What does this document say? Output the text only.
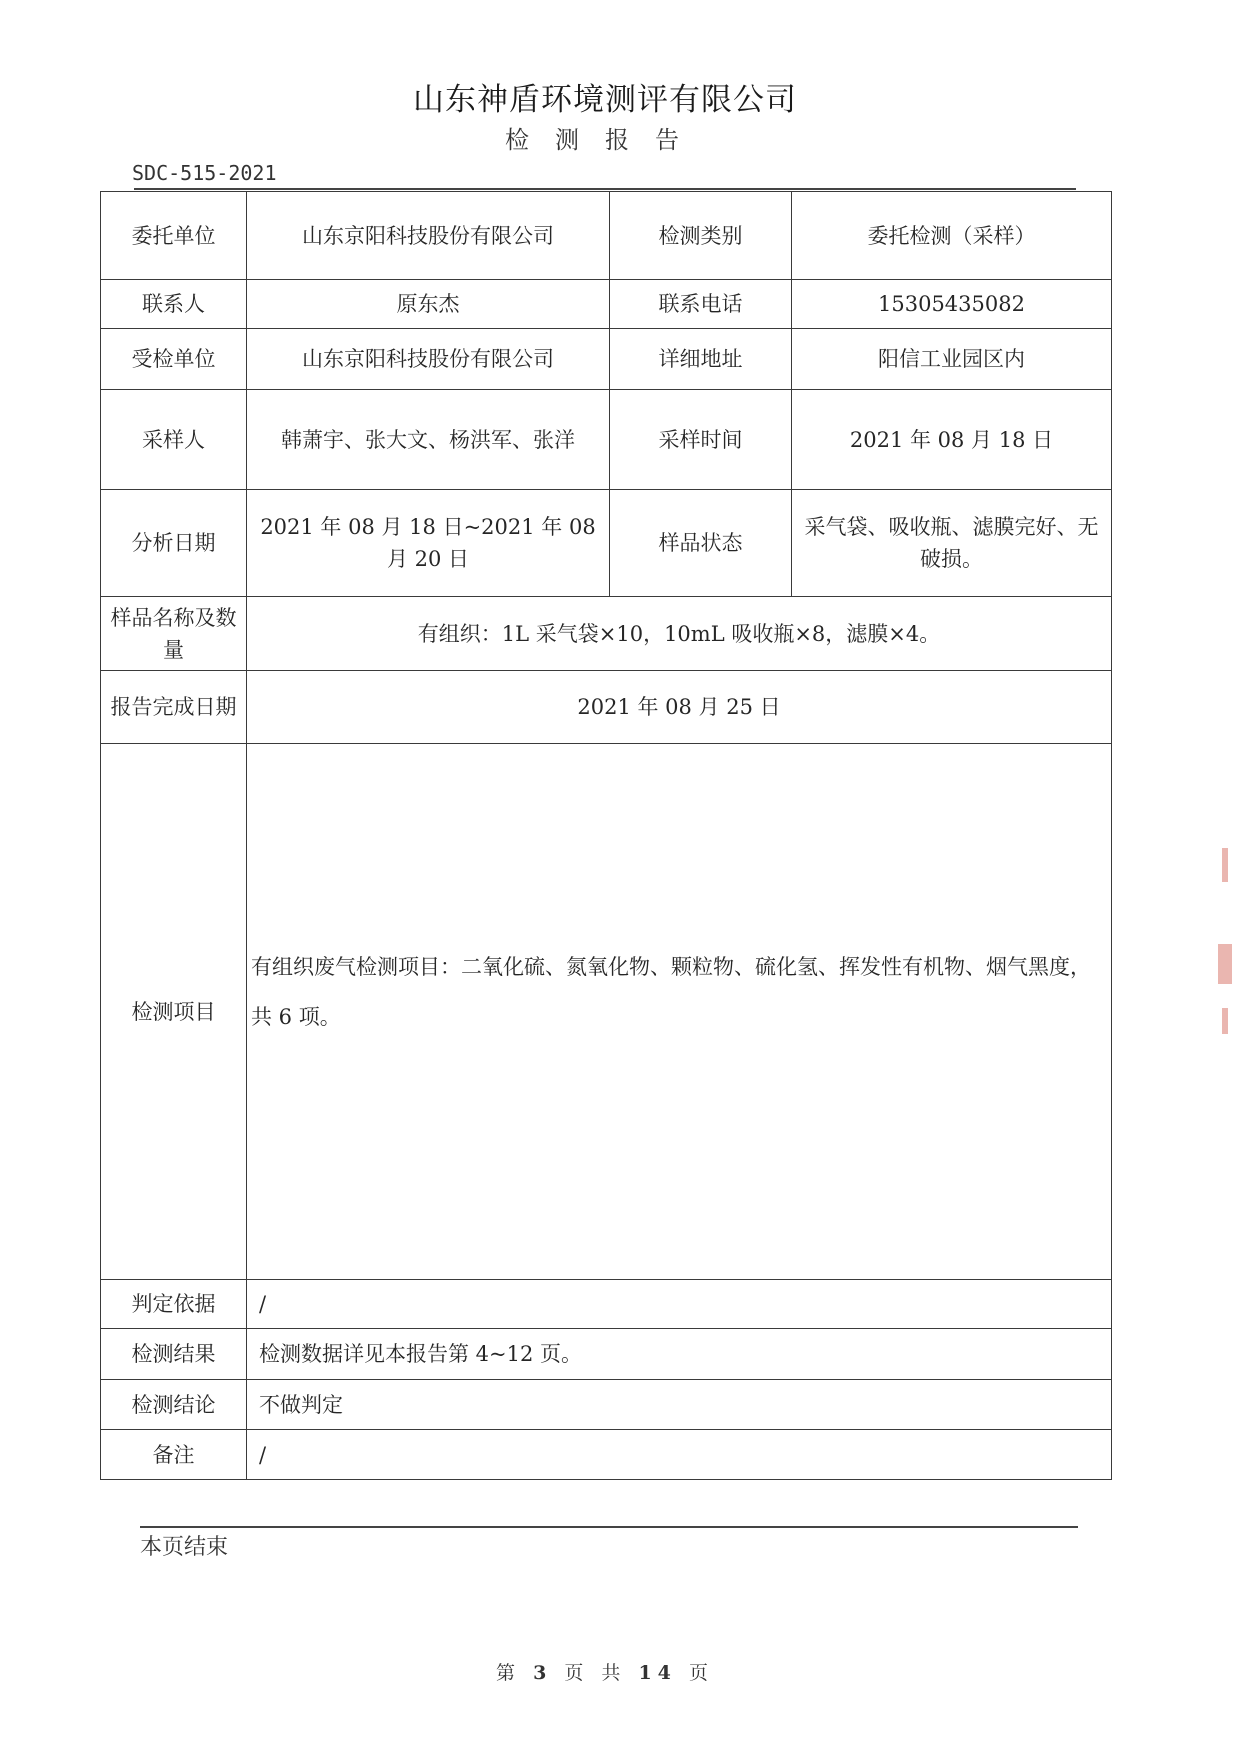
山东神盾环境测评有限公司
检测报告
SDC-515-2021
委托单位	山东京阳科技股份有限公司	检测类别	委托检测（采样）
联系人	原东杰	联系电话	15305435082
受检单位	山东京阳科技股份有限公司	详细地址	阳信工业园区内
采样人	韩萧宇、张大文、杨洪军、张洋	采样时间	2021 年 08 月 18 日
分析日期	2021 年 08 月 18 日~2021 年 08 月 20 日	样品状态	采气袋、吸收瓶、滤膜完好、无破损。
样品名称及数量	有组织：1L 采气袋×10，10mL 吸收瓶×8，滤膜×4。		
报告完成日期	2021 年 08 月 25 日		
检测项目	有组织废气检测项目：二氧化硫、氮氧化物、颗粒物、硫化氢、挥发性有机物、烟气黑度，共 6 项。		

判定依据	/		
检测结果	检测数据详见本报告第 4~12 页。		
检测结论	不做判定		
备注	/		
本页结束
第 3 页 共 14 页
